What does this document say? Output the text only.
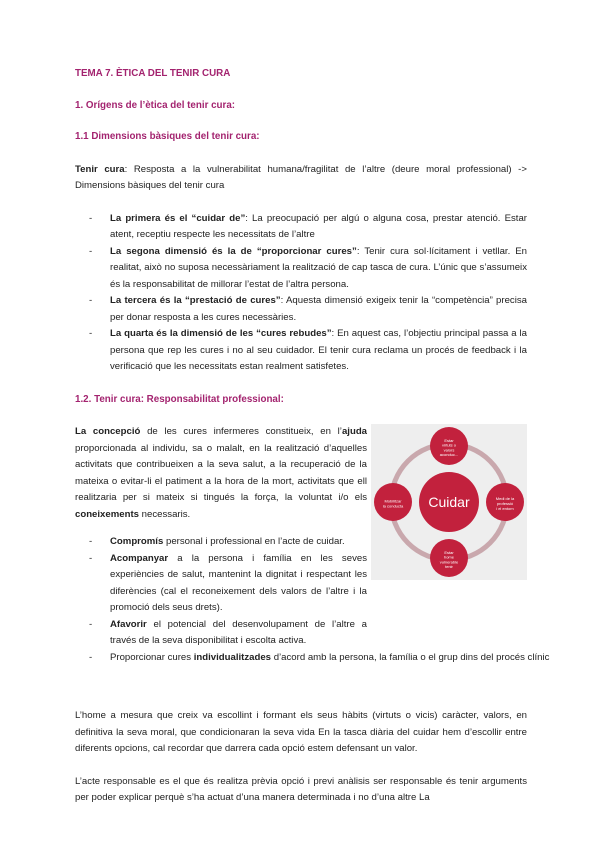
TEMA 7. ÈTICA DEL TENIR CURA

1. Orígens de l’ètica del tenir cura:

1.1 Dimensions bàsiques del tenir cura:

Tenir cura: Resposta a la vulnerabilitat humana/fragilitat de l’altre (deure moral professional) -> Dimensions bàsiques del tenir cura

- La primera és el “cuidar de”: La preocupació per algú o alguna cosa, prestar atenció. Estar atent, receptiu respecte les necessitats de l’altre
- La segona dimensió és la de “proporcionar cures”: Tenir cura sol·lícitament i vetllar. En realitat, això no suposa necessàriament la realització de cap tasca de cura. L’únic que s’assumeix és la responsabilitat de millorar l’estat de l’altra persona.
- La tercera és la “prestació de cures”: Aquesta dimensió exigeix tenir la “competència” precisa per donar resposta a les cures necessàries.
- La quarta és la dimensió de les “cures rebudes”: En aquest cas, l’objectiu principal passa a la persona que rep les cures i no al seu cuidador. El tenir cura reclama un procés de feedback i la verificació que les necessitats estan realment satisfetes.

1.2. Tenir cura: Responsabilitat professional:

La concepció de les cures infermeres constitueix, en l’ajuda proporcionada al individu, sa o malalt, en la realització d’aquelles activitats que contribueixen a la seva salut, a la recuperació de la mateixa o evitar-li el patiment a la hora de la mort, activitats que ell realitzaria per si mateix si tingués la força, la voluntat i/o els coneixements necessaris.

Cuidar
Estar virtuts o valors aconduc...
Medi de la professió i el entorn
Estar home vulnerable tenir
Mobilitzar la conducta
- Compromís personal i professional en l’acte de cuidar.
- Acompanyar a la persona i família en les seves experiències de salut, mantenint la dignitat i respectant les diferències (cal el reconeixement dels valors de l’altre i la promoció dels seus drets).
- Afavorir el potencial del desenvolupament de l’altre a través de la seva disponibilitat i escolta activa.
- Proporcionar cures individualitzades d’acord amb la persona, la família o el grup dins del procés clínic

L’home a mesura que creix va escollint i formant els seus hàbits (virtuts o vicis) caràcter, valors, en definitiva la seva moral, que condicionaran la seva vida En la tasca diària del cuidar hem d’escollir entre diferents opcions, cal recordar que darrera cada opció estem defensant un valor.

L’acte responsable es el que és realitza prèvia opció i previ anàlisis ser responsable és tenir arguments per poder explicar perquè s’ha actuat d’una manera determinada i no d’una altre La
